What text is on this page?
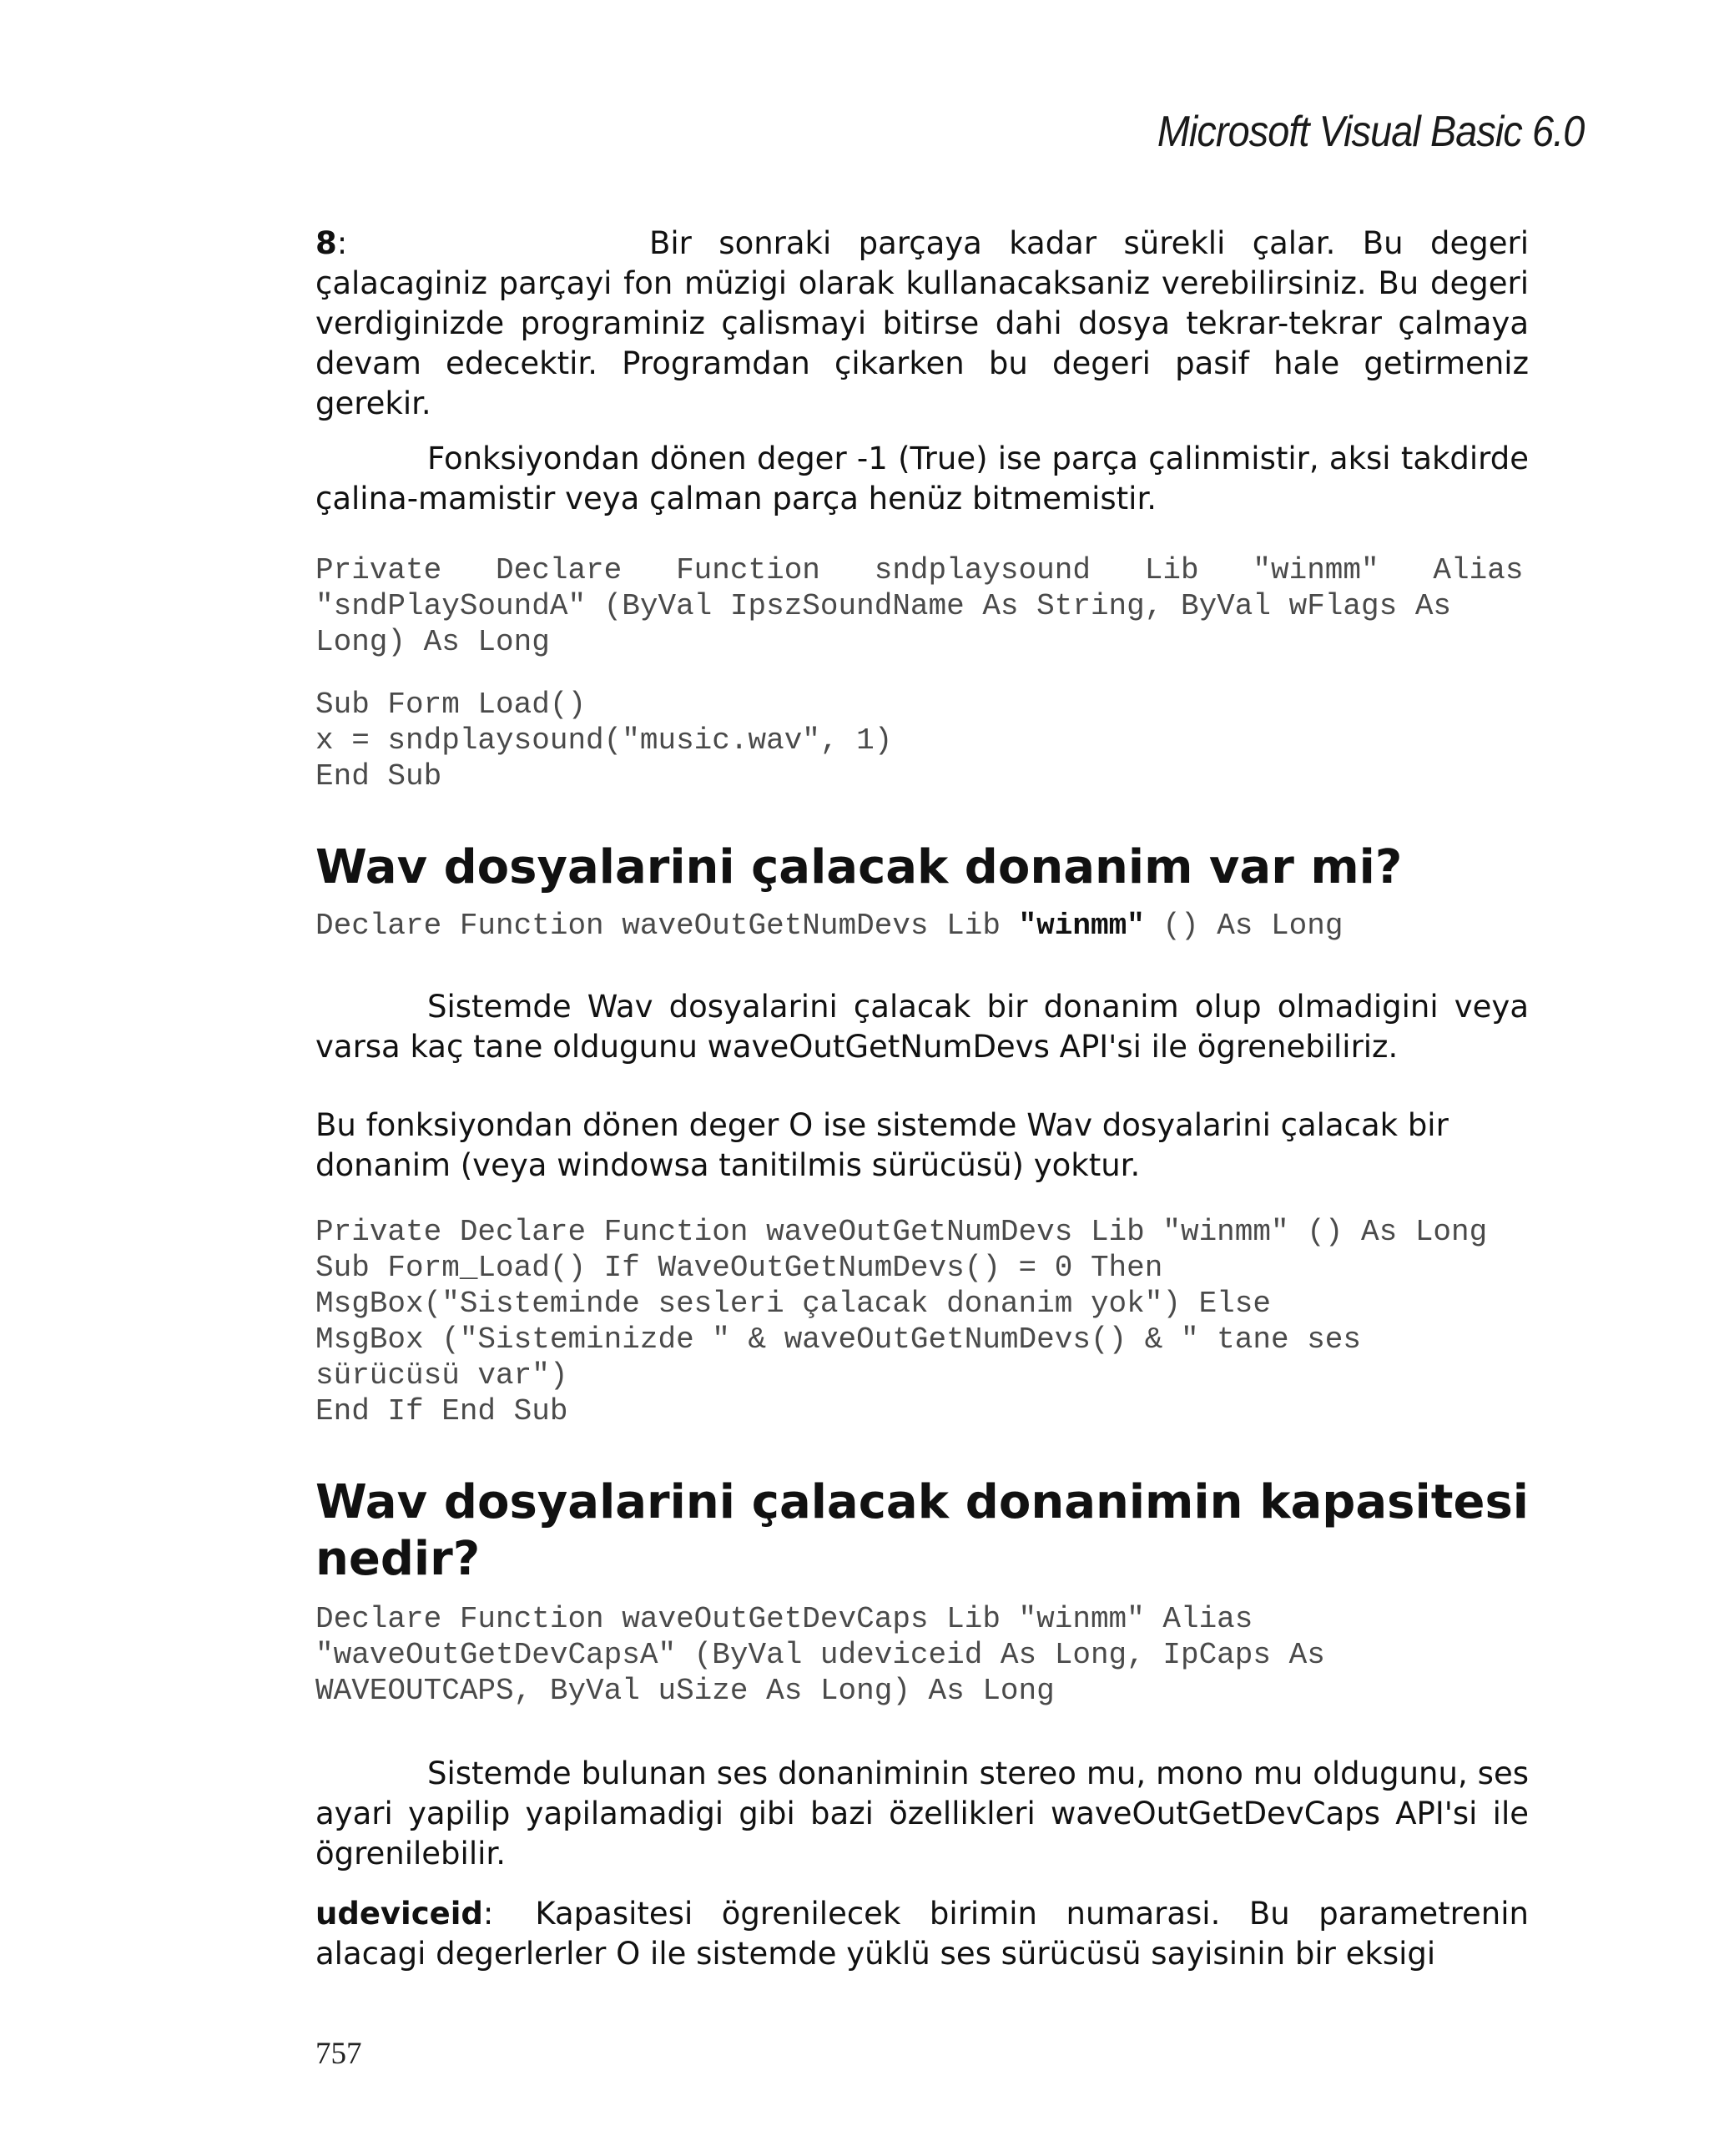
Microsoft Visual Basic 6.0
8:	Bir sonraki parçaya kadar sürekli çalar. Bu degeri

çalacaginiz parçayi fon müzigi olarak kullanacaksaniz verebilirsiniz. Bu degeri verdiginizde programiniz çalismayi bitirse dahi dosya tekrar-tekrar çalmaya devam edecektir. Programdan çikarken bu degeri pasif hale getirmeniz gerekir.

Fonksiyondan dönen deger -1 (True) ise parça çalinmistir, aksi takdirde çalina-mamistir veya çalman parça henüz bitmemistir.

Private   Declare   Function   sndplaysound   Lib   "winmm"   Alias
"sndPlaySoundA" (ByVal IpszSoundName As String, ByVal wFlags As
Long) As Long
Sub Form Load()
x = sndplaysound("music.wav", 1)
End Sub
Wav dosyalarini çalacak donanim var mi?
Declare Function waveOutGetNumDevs Lib "winmm" () As Long

Sistemde Wav dosyalarini çalacak bir donanim olup olmadigini veya varsa kaç tane oldugunu waveOutGetNumDevs API'si ile ögrenebiliriz.

Bu fonksiyondan dönen deger O ise sistemde Wav dosyalarini çalacak bir donanim (veya windowsa tanitilmis sürücüsü) yoktur.

Private Declare Function waveOutGetNumDevs Lib "winmm" () As Long
Sub Form_Load() If WaveOutGetNumDevs() = 0 Then
MsgBox("Sisteminde sesleri çalacak donanim yok") Else
MsgBox ("Sisteminizde " & waveOutGetNumDevs() & " tane ses
sürücüsü var")
End If End Sub
Wav dosyalarini çalacak donanimin kapasitesi nedir?
Declare Function waveOutGetDevCaps Lib "winmm" Alias
"waveOutGetDevCapsA" (ByVal udeviceid As Long, IpCaps As
WAVEOUTCAPS, ByVal uSize As Long) As Long

Sistemde bulunan ses donaniminin stereo mu, mono mu oldugunu, ses ayari yapilip yapilamadigi gibi bazi özellikleri waveOutGetDevCaps API'si ile ögrenilebilir.

udeviceid: Kapasitesi ögrenilecek birimin numarasi. Bu parametrenin alacagi degerlerler O ile sistemde yüklü ses sürücüsü sayisinin bir eksigi

757
